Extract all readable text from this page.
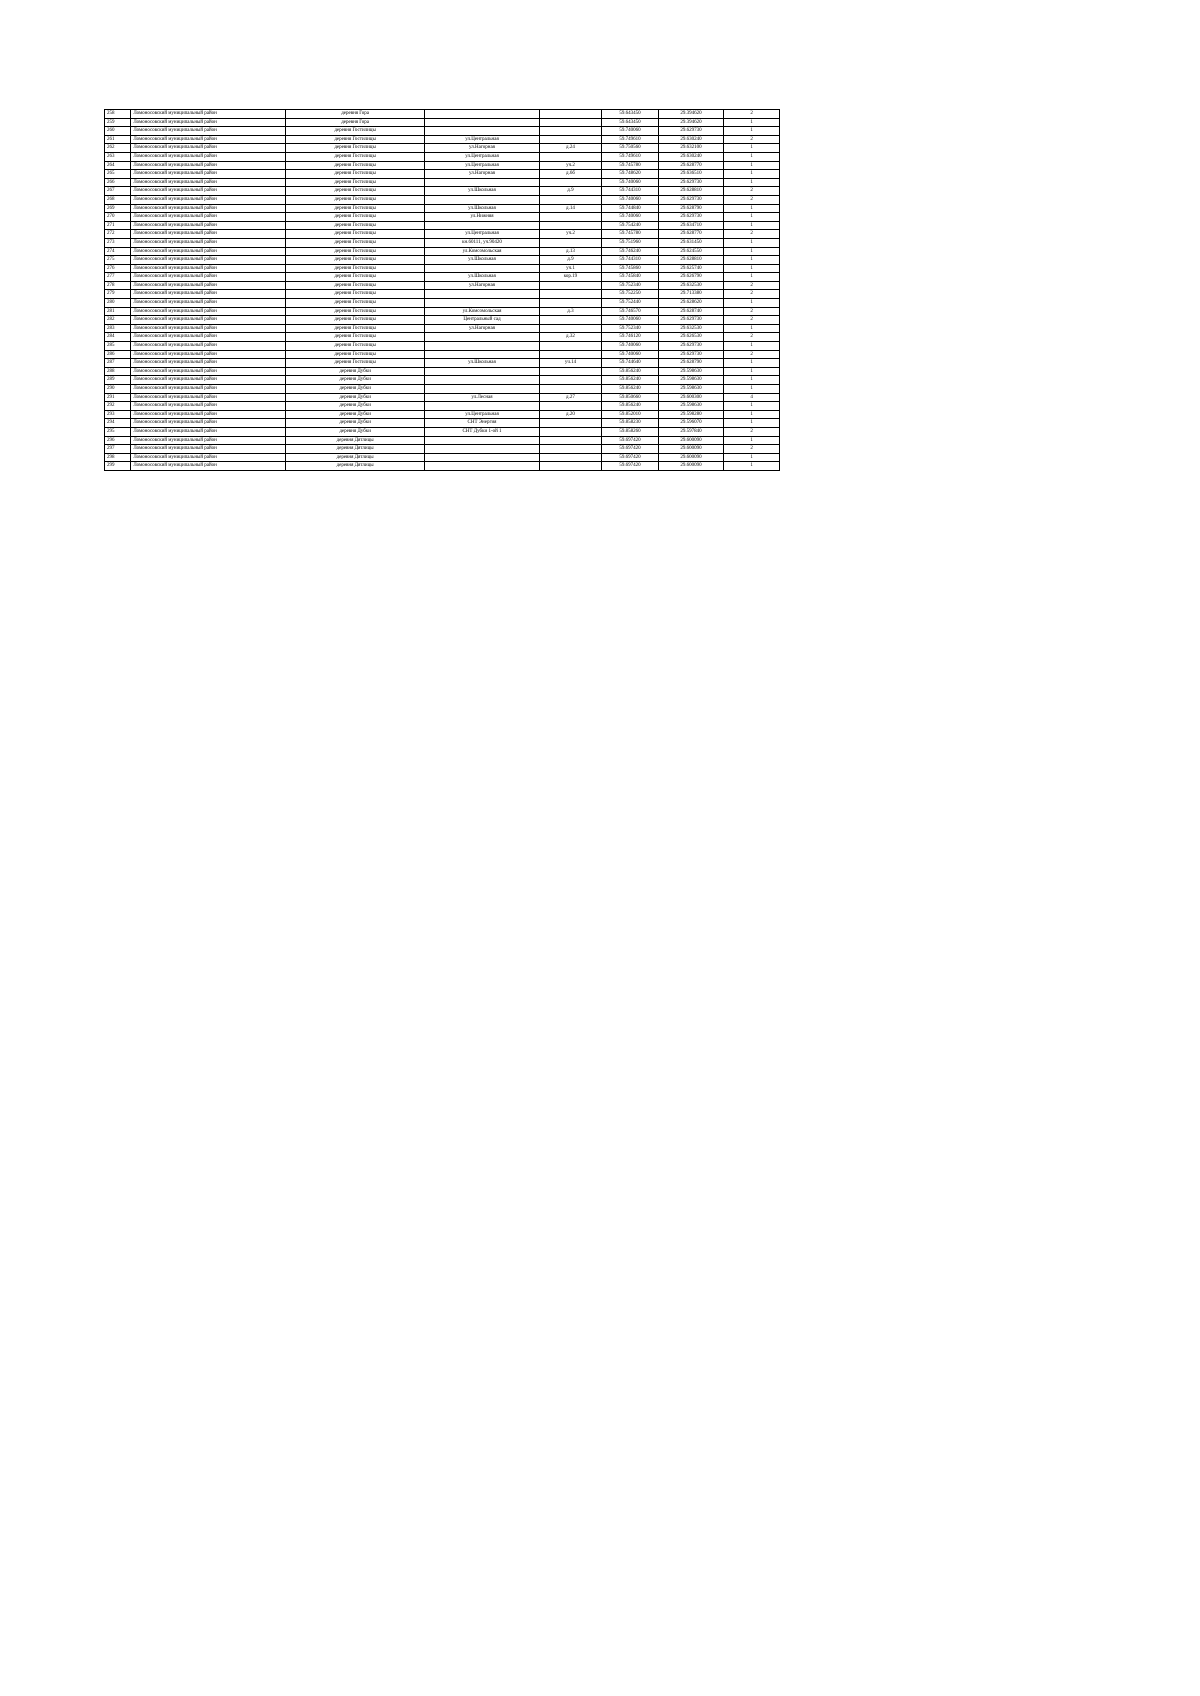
258	Ломоносовский муниципальный район	деревня Гора			59.643450	29.394620	2
259	Ломоносовский муниципальный район	деревня Гора			59.643450	29.394620	1
260	Ломоносовский муниципальный район	деревня Гостилицы			59.740060	29.629730	1
261	Ломоносовский муниципальный район	деревня Гостилицы	ул.Центральная		59.749610	29.630240	2
262	Ломоносовский муниципальный район	деревня Гостилицы	ул.Нагорная	д.24	59.750560	29.632100	1
263	Ломоносовский муниципальный район	деревня Гостилицы	ул.Центральная		59.749610	29.630240	1
264	Ломоносовский муниципальный район	деревня Гостилицы	ул.Центральная	уч.2	59.745780	29.628770	1
265	Ломоносовский муниципальный район	деревня Гостилицы	ул.Нагорная	д.6б	59.748620	29.636510	1
266	Ломоносовский муниципальный район	деревня Гостилицы			59.740060	29.629730	1
267	Ломоносовский муниципальный район	деревня Гостилицы	ул.Школьная	д.9	59.744310	29.628810	2
268	Ломоносовский муниципальный район	деревня Гостилицы			59.740060	29.629730	2
269	Ломоносовский муниципальный район	деревня Гостилицы	ул.Школьная	д.14	59.744840	29.628790	1
270	Ломоносовский муниципальный район	деревня Гостилицы	ул.Нижняя		59.740060	29.629730	1
271	Ломоносовский муниципальный район	деревня Гостилицы			59.754240	29.634710	1
272	Ломоносовский муниципальный район	деревня Гостилицы	ул.Центральная	уч.2	59.745780	29.628770	2
273	Ломоносовский муниципальный район	деревня Гостилицы	кн.60111, уч.90420		59.751960	29.631450	1
274	Ломоносовский муниципальный район	деревня Гостилицы	ул.Комсомольская	д.13	59.746240	29.624550	1
275	Ломоносовский муниципальный район	деревня Гостилицы	ул.Школьная	д.9	59.744310	29.628810	1
276	Ломоносовский муниципальный район	деревня Гостилицы		уч.1	59.745860	29.625740	1
277	Ломоносовский муниципальный район	деревня Гостилицы	ул.Школьная	кор.19	59.745840	29.626790	1
278	Ломоносовский муниципальный район	деревня Гостилицы	ул.Нагорная		59.752340	29.632530	2
279	Ломоносовский муниципальный район	деревня Гостилицы			59.752250	29.713380	2
280	Ломоносовский муниципальный район	деревня Гостилицы			59.752440	29.628620	1
281	Ломоносовский муниципальный район	деревня Гостилицы	ул.Комсомольская	д.3	59.746570	29.628740	2
282	Ломоносовский муниципальный район	деревня Гостилицы	Центральный сад		59.740060	29.629730	2
283	Ломоносовский муниципальный район	деревня Гостилицы	ул.Нагорная		59.752340	29.632530	1
284	Ломоносовский муниципальный район	деревня Гостилицы		д.32	59.746120	29.626530	2
285	Ломоносовский муниципальный район	деревня Гостилицы			59.740060	29.629730	1
286	Ломоносовский муниципальный район	деревня Гостилицы			59.740060	29.629730	2
287	Ломоносовский муниципальный район	деревня Гостилицы	ул.Школьная	уч.14	59.744640	29.628790	1
288	Ломоносовский муниципальный район	деревня Дубки			59.856240	29.598630	1
289	Ломоносовский муниципальный район	деревня Дубки			59.856240	29.598630	1
290	Ломоносовский муниципальный район	деревня Дубки			59.856240	29.598630	1
291	Ломоносовский муниципальный район	деревня Дубки	ул.Лесная	д.27	59.850660	29.600300	4
292	Ломоносовский муниципальный район	деревня Дубки			59.856240	29.598630	1
293	Ломоносовский муниципальный район	деревня Дубки	ул.Центральная	д.20	59.852010	29.598280	1
294	Ломоносовский муниципальный район	деревня Дубки	СНТ Энергия		59.858230	29.596070	1
295	Ломоносовский муниципальный район	деревня Дубки	СНТ Дубки 1-ой 1		59.858260	29.597840	2
296	Ломоносовский муниципальный район	деревня Дятлицы			59.697420	29.600090	1
297	Ломоносовский муниципальный район	деревня Дятлицы			59.697420	29.600090	2
298	Ломоносовский муниципальный район	деревня Дятлицы			59.697420	29.600090	1
299	Ломоносовский муниципальный район	деревня Дятлицы			59.697420	29.600090	1
